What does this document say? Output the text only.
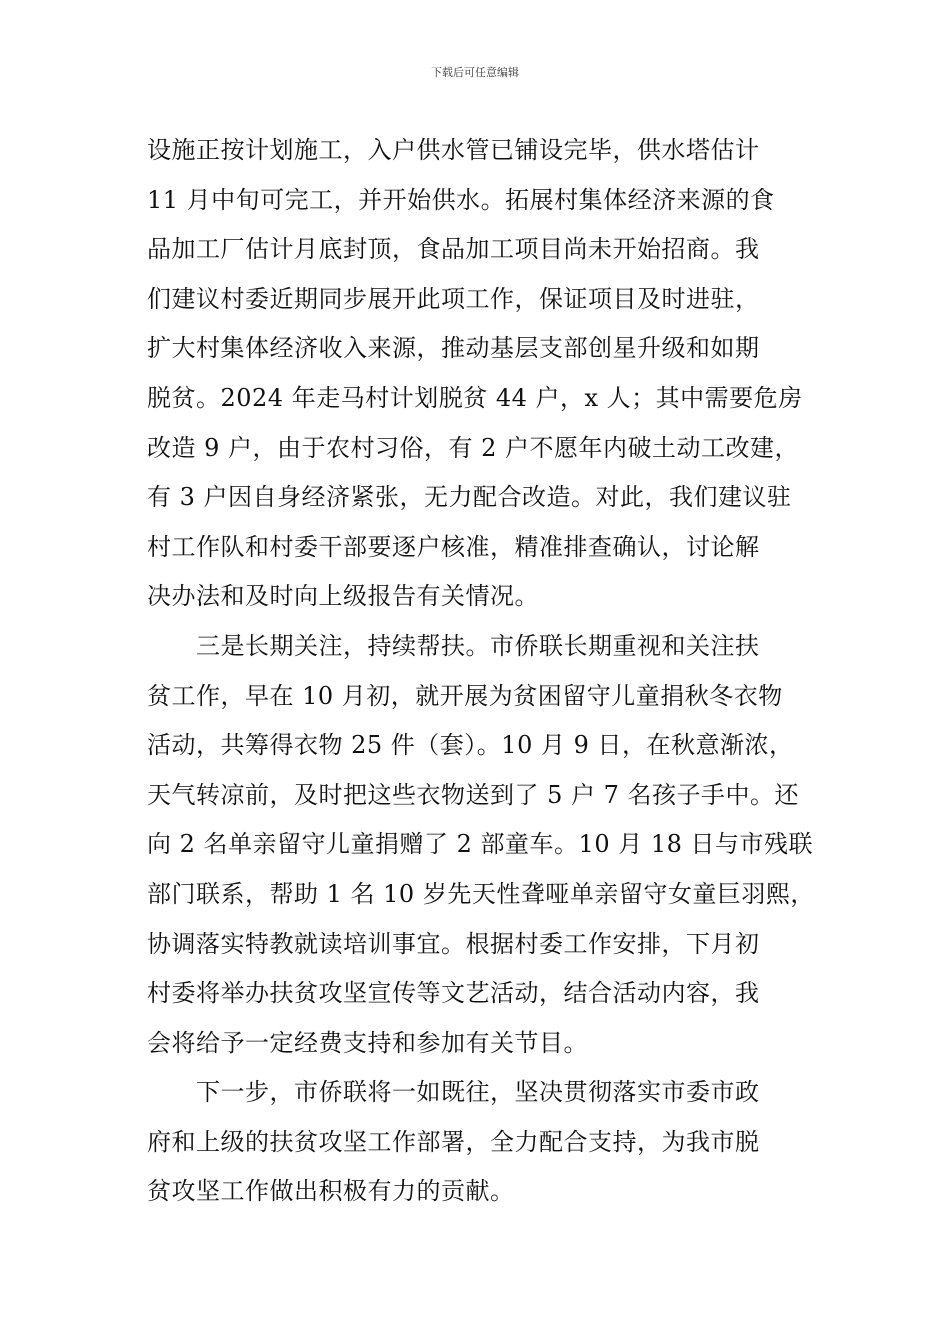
下载后可任意编辑
设施正按计划施工，入户供水管已铺设完毕，供水塔估计
11 月中旬可完工，并开始供水。拓展村集体经济来源的食
品加工厂估计月底封顶，食品加工项目尚未开始招商。我
们建议村委近期同步展开此项工作，保证项目及时进驻，
扩大村集体经济收入来源，推动基层支部创星升级和如期
脱贫。2024 年走马村计划脱贫 44 户，x 人；其中需要危房
改造 9 户，由于农村习俗，有 2 户不愿年内破土动工改建，
有 3 户因自身经济紧张，无力配合改造。对此，我们建议驻
村工作队和村委干部要逐户核准，精准排查确认，讨论解
决办法和及时向上级报告有关情况。
三是长期关注，持续帮扶。市侨联长期重视和关注扶
贫工作，早在 10 月初，就开展为贫困留守儿童捐秋冬衣物
活动，共筹得衣物 25 件（套）。10 月 9 日，在秋意渐浓，
天气转凉前，及时把这些衣物送到了 5 户 7 名孩子手中。还
向 2 名单亲留守儿童捐赠了 2 部童车。10 月 18 日与市残联
部门联系，帮助 1 名 10 岁先天性聋哑单亲留守女童巨羽熙，
协调落实特教就读培训事宜。根据村委工作安排，下月初
村委将举办扶贫攻坚宣传等文艺活动，结合活动内容，我
会将给予一定经费支持和参加有关节目。
下一步，市侨联将一如既往，坚决贯彻落实市委市政
府和上级的扶贫攻坚工作部署，全力配合支持，为我市脱
贫攻坚工作做出积极有力的贡献。
